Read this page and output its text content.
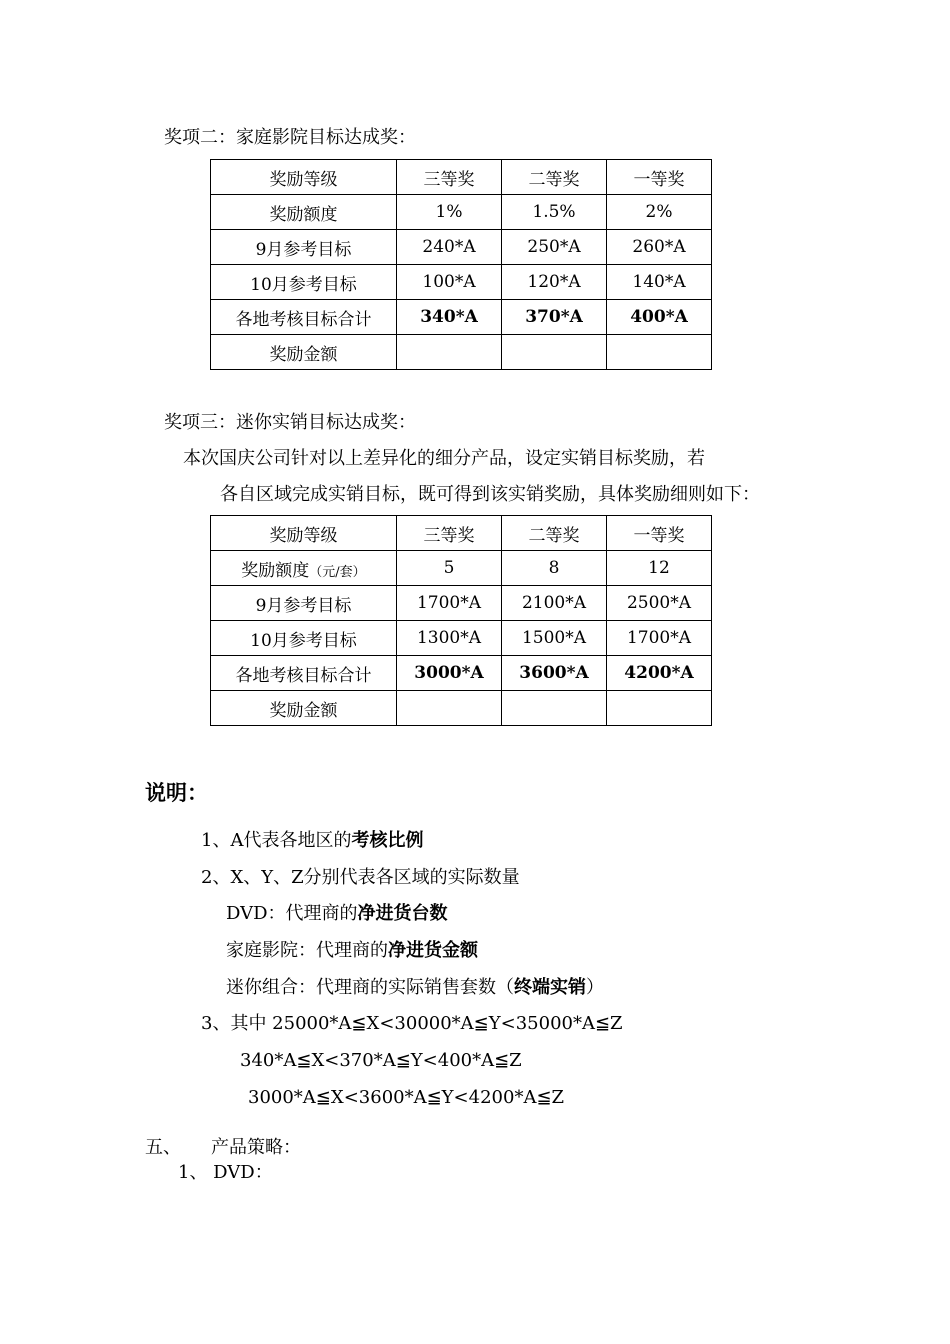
奖项二：家庭影院目标达成奖：
奖励等级	三等奖	二等奖	一等奖
奖励额度	1%	1.5%	2%
9月参考目标	240*A	250*A	260*A
10月参考目标	100*A	120*A	140*A
各地考核目标合计	340*A	370*A	400*A
奖励金额			
奖项三：迷你实销目标达成奖：
本次国庆公司针对以上差异化的细分产品，设定实销目标奖励，若
各自区域完成实销目标，既可得到该实销奖励，具体奖励细则如下：
奖励等级	三等奖	二等奖	一等奖
奖励额度（元/套）	5	8	12
9月参考目标	1700*A	2100*A	2500*A
10月参考目标	1300*A	1500*A	1700*A
各地考核目标合计	3000*A	3600*A	4200*A
奖励金额			
说明：
1、A代表各地区的考核比例
2、X、Y、Z分别代表各区域的实际数量
DVD：代理商的净进货台数
家庭影院：代理商的净进货金额
迷你组合：代理商的实际销售套数（终端实销）
3、其中 25000*A≦X<30000*A≦Y<35000*A≦Z
340*A≦X<370*A≦Y<400*A≦Z
3000*A≦X<3600*A≦Y<4200*A≦Z
五、 产品策略：
1、 DVD：
